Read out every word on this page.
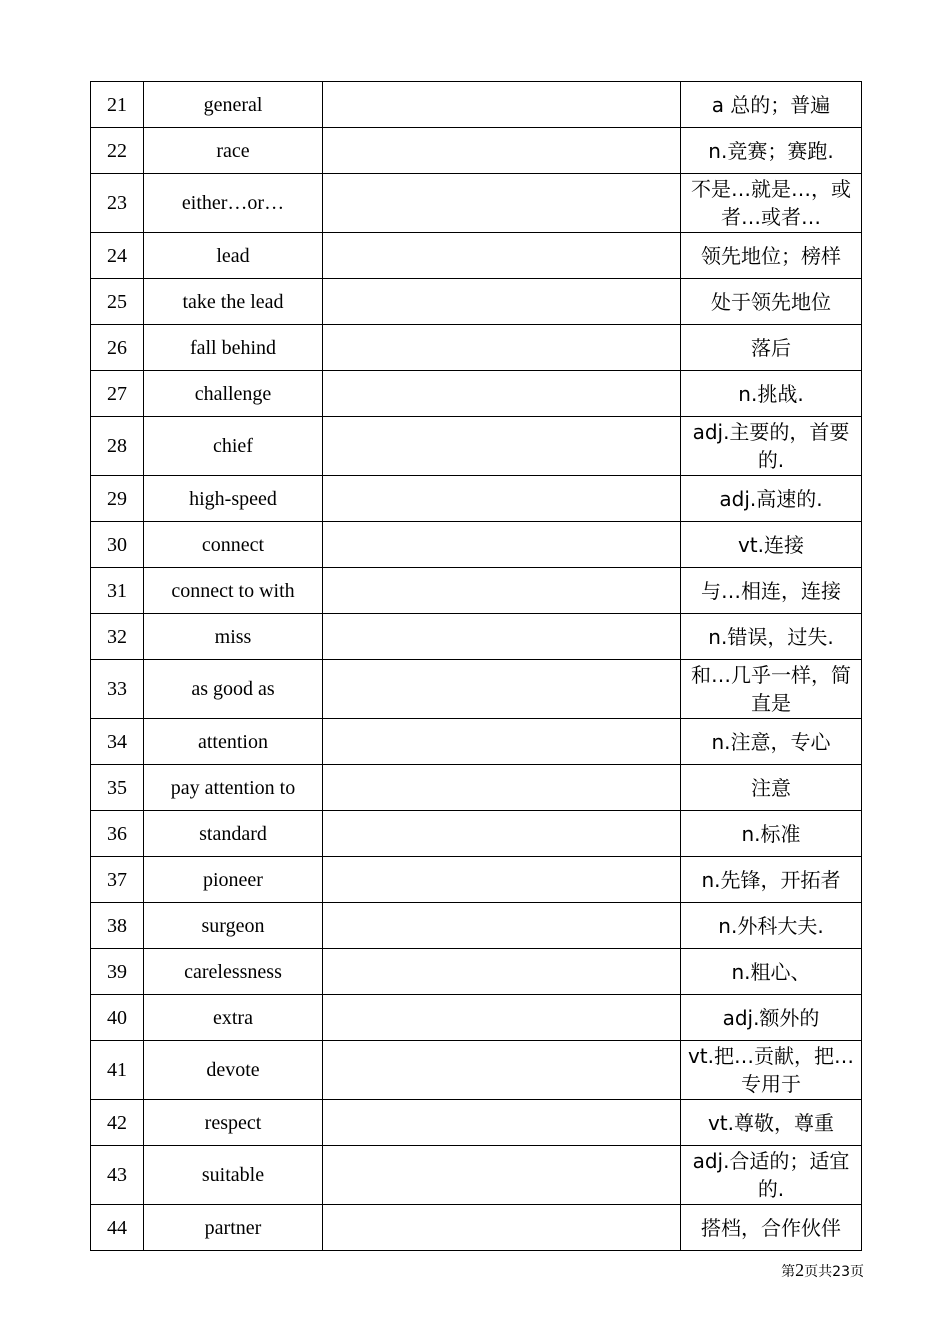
21	general		a 总的；普遍
22	race		n.竞赛；赛跑.
23	either…or…		不是…就是…，或者…或者…
24	lead		领先地位；榜样
25	take the lead		处于领先地位
26	fall behind		落后
27	challenge		n.挑战.
28	chief		adj.主要的，首要的.
29	high-speed		adj.高速的.
30	connect		vt.连接
31	connect to with		与…相连，连接
32	miss		n.错误，过失.
33	as good as		和…几乎一样，简直是
34	attention		n.注意，专心
35	pay attention to		注意
36	standard		n.标准
37	pioneer		n.先锋，开拓者
38	surgeon		n.外科大夫.
39	carelessness		n.粗心、
40	extra		adj.额外的
41	devote		vt.把…贡献，把…专用于
42	respect		vt.尊敬，尊重
43	suitable		adj.合适的；适宜的.
44	partner		搭档，合作伙伴
第2页共23页
